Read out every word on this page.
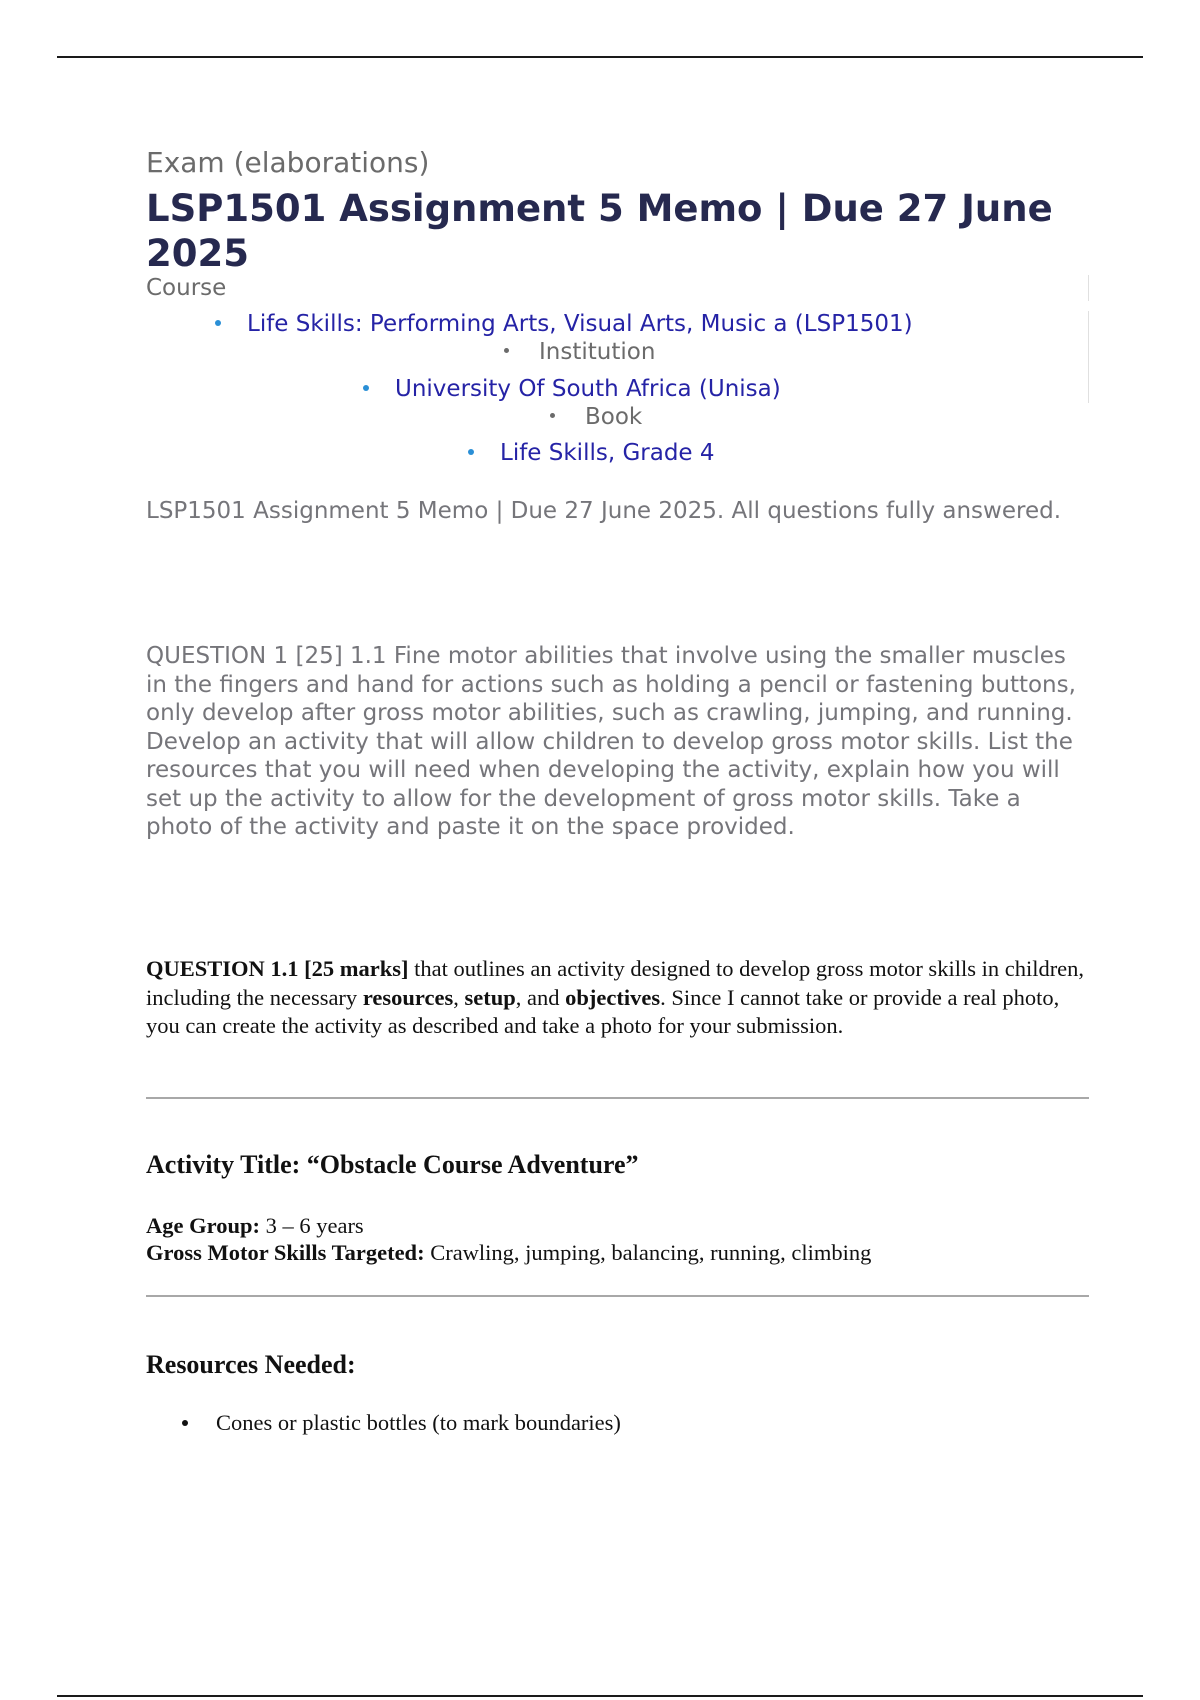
Exam (elaborations)
LSP1501 Assignment 5 Memo | Due 27 June 2025
Course
Life Skills: Performing Arts, Visual Arts, Music a (LSP1501)
Institution
University Of South Africa (Unisa)
Book
Life Skills, Grade 4

LSP1501 Assignment 5 Memo | Due 27 June 2025. All questions fully answered.

QUESTION 1 [25] 1.1 Fine motor abilities that involve using the smaller muscles in the fingers and hand for actions such as holding a pencil or fastening buttons, only develop after gross motor abilities, such as crawling, jumping, and running. Develop an activity that will allow children to develop gross motor skills. List the resources that you will need when developing the activity, explain how you will set up the activity to allow for the development of gross motor skills. Take a photo of the activity and paste it on the space provided.

QUESTION 1.1 [25 marks] that outlines an activity designed to develop gross motor skills in children, including the necessary resources, setup, and objectives. Since I cannot take or provide a real photo, you can create the activity as described and take a photo for your submission.

Activity Title: “Obstacle Course Adventure”
Age Group: 3 – 6 years
Gross Motor Skills Targeted: Crawling, jumping, balancing, running, climbing
Resources Needed:
Cones or plastic bottles (to mark boundaries)
